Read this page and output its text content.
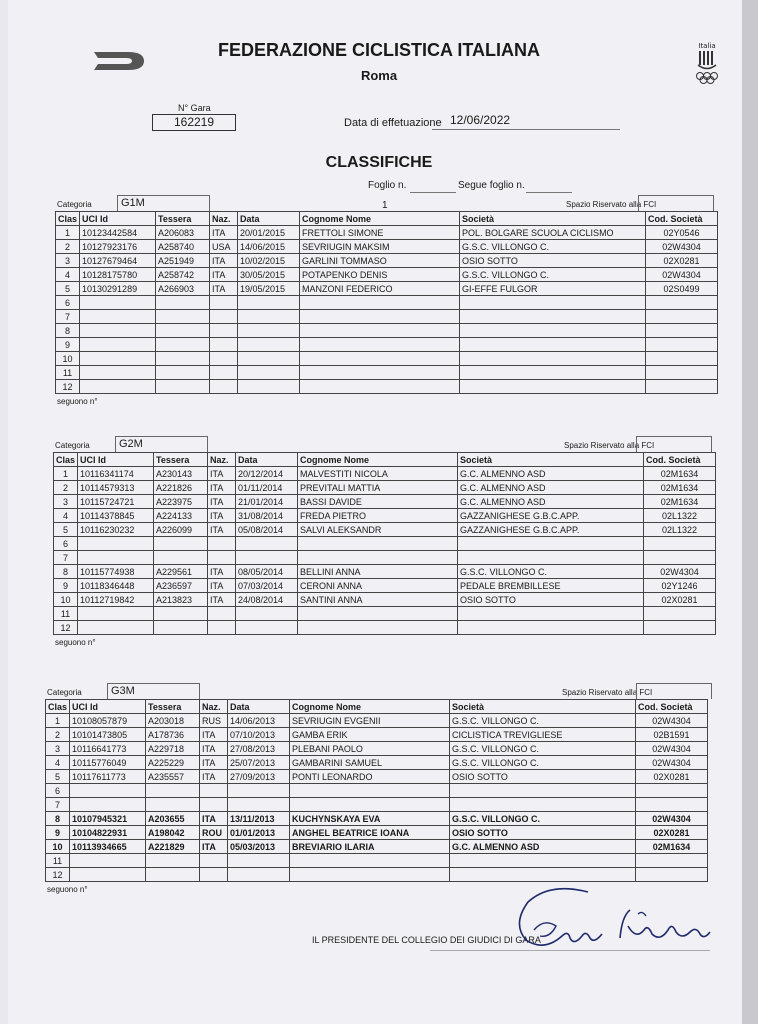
Italia
FEDERAZIONE CICLISTICA ITALIANA
Roma
N° Gara
162219	Data di effetuazione 12/06/2022
CLASSIFICHE
Foglio n.	Segue foglio n.
1
Categoria	G1M	Spazio Riservato alla FCI
Clas	UCI Id	Tessera	Naz.	Data	Cognome Nome	Società	Cod. Società
1	10123442584	A206083	ITA	20/01/2015	FRETTOLI SIMONE	POL. BOLGARE SCUOLA CICLISMO	02Y0546
2	10127923176	A258740	USA	14/06/2015	SEVRIUGIN MAKSIM	G.S.C. VILLONGO C.	02W4304
3	10127679464	A251949	ITA	10/02/2015	GARLINI TOMMASO	OSIO SOTTO	02X0281
4	10128175780	A258742	ITA	30/05/2015	POTAPENKO DENIS	G.S.C. VILLONGO C.	02W4304
5	10130291289	A266903	ITA	19/05/2015	MANZONI FEDERICO	GI-EFFE FULGOR	02S0499
6							
7							
8							
9							
10							
11							
12							
seguono n°
Categoria	G2M	Spazio Riservato alla FCI
Clas	UCI Id	Tessera	Naz.	Data	Cognome Nome	Società	Cod. Società
1	10116341174	A230143	ITA	20/12/2014	MALVESTITI NICOLA	G.C. ALMENNO ASD	02M1634
2	10114579313	A221826	ITA	01/11/2014	PREVITALI MATTIA	G.C. ALMENNO ASD	02M1634
3	10115724721	A223975	ITA	21/01/2014	BASSI DAVIDE	G.C. ALMENNO ASD	02M1634
4	10114378845	A224133	ITA	31/08/2014	FREDA PIETRO	GAZZANIGHESE G.B.C.APP.	02L1322
5	10116230232	A226099	ITA	05/08/2014	SALVI ALEKSANDR	GAZZANIGHESE G.B.C.APP.	02L1322
6							
7							
8	10115774938	A229561	ITA	08/05/2014	BELLINI ANNA	G.S.C. VILLONGO C.	02W4304
9	10118346448	A236597	ITA	07/03/2014	CERONI ANNA	PEDALE BREMBILLESE	02Y1246
10	10112719842	A213823	ITA	24/08/2014	SANTINI ANNA	OSIO SOTTO	02X0281
11							
12							
seguono n°
Categoria	G3M	Spazio Riservato alla FCI
Clas	UCI Id	Tessera	Naz.	Data	Cognome Nome	Società	Cod. Società
1	10108057879	A203018	RUS	14/06/2013	SEVRIUGIN EVGENII	G.S.C. VILLONGO C.	02W4304
2	10101473805	A178736	ITA	07/10/2013	GAMBA ERIK	CICLISTICA TREVIGLIESE	02B1591
3	10116641773	A229718	ITA	27/08/2013	PLEBANI PAOLO	G.S.C. VILLONGO C.	02W4304
4	10115776049	A225229	ITA	25/07/2013	GAMBARINI SAMUEL	G.S.C. VILLONGO C.	02W4304
5	10117611773	A235557	ITA	27/09/2013	PONTI LEONARDO	OSIO SOTTO	02X0281
6							
7							
8	10107945321	A203655	ITA	13/11/2013	KUCHYNSKAYA EVA	G.S.C. VILLONGO C.	02W4304
9	10104822931	A198042	ROU	01/01/2013	ANGHEL BEATRICE IOANA	OSIO SOTTO	02X0281
10	10113934665	A221829	ITA	05/03/2013	BREVIARIO ILARIA	G.C. ALMENNO ASD	02M1634
11							
12							
seguono n°
IL PRESIDENTE DEL COLLEGIO DEI GIUDICI DI GARA
